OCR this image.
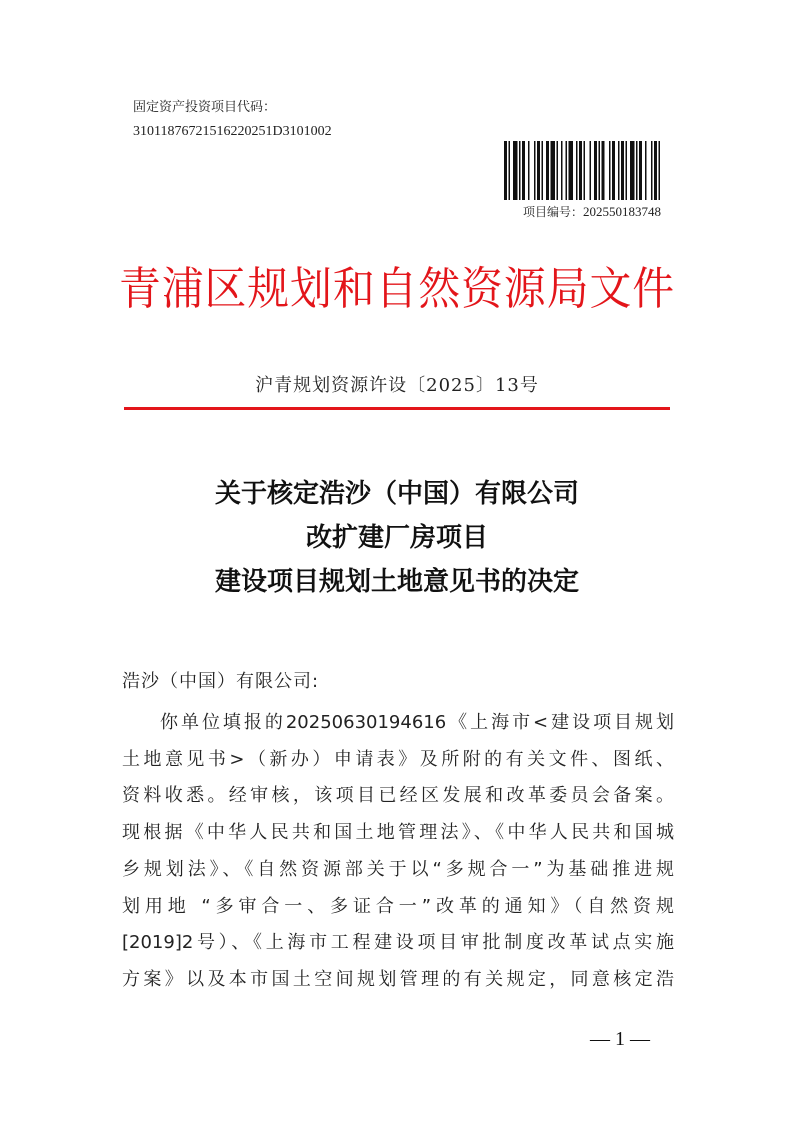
固定资产投资项目代码：
31011876721516220251D3101002
项目编号：202550183748
青浦区规划和自然资源局文件
沪青规划资源许设〔2025〕13号
关于核定浩沙（中国）有限公司
改扩建厂房项目
建设项目规划土地意见书的决定
浩沙（中国）有限公司:
你单位填报的20250630194616《上海市<建设项目规划
土地意见书>（新办）申请表》及所附的有关文件、图纸、
资料收悉。经审核，该项目已经区发展和改革委员会备案。
现根据《中华人民共和国土地管理法》、《中华人民共和国城
乡规划法》、《自然资源部关于以“多规合一”为基础推进规
划用地 “多审合一、多证合一”改革的通知》（自然资规
[2019]2号）、《上海市工程建设项目审批制度改革试点实施
方案》以及本市国土空间规划管理的有关规定，同意核定浩
— 1 —
